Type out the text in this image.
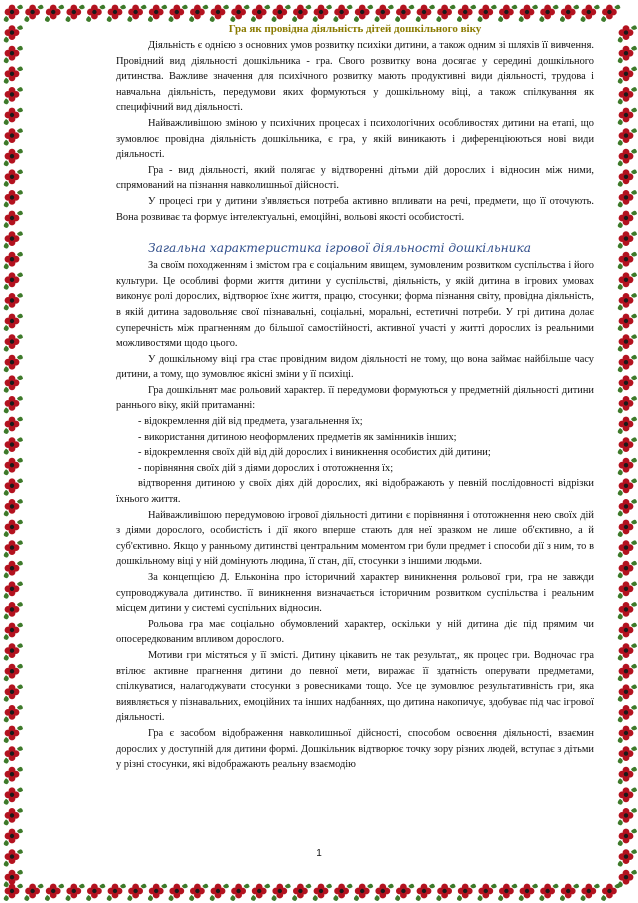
Гра як провідна діяльність дітей дошкільного віку

Діяльність є однією з основних умов розвитку психіки дитини, а також одним зі шляхів її вивчення. Провідний вид діяльності дошкільника - гра. Свого розвитку вона досягає у середині дошкільного дитинства. Важливе значення для психічного розвитку мають продуктивні види діяльності, трудова і навчальна діяльність, передумови яких формуються у дошкільному віці, а також спілкування як специфічний вид діяльності.

Найважливішою зміною у психічних процесах і психологічних особливостях дитини на етапі, що зумовлює провідна діяльність дошкільника, є гра, у якій виникають і диференціюються нові види діяльності.

Гра - вид діяльності, який полягає у відтворенні дітьми дій дорослих і відносин між ними, спрямований на пізнання навколишньої дійсності.

У процесі гри у дитини з'являється потреба активно впливати на речі, предмети, що її оточують. Вона розвиває та формує інтелектуальні, емоційні, вольові якості особистості.

Загальна характеристика ігрової діяльності дошкільника

За своїм походженням і змістом гра є соціальним явищем, зумовленим розвитком суспільства і його культури. Це особливі форми життя дитини у суспільстві, діяльність, у якій дитина в ігрових умовах виконує ролі дорослих, відтворює їхнє життя, працю, стосунки; форма пізнання світу, провідна діяльність, в якій дитина задовольняє свої пізнавальні, соціальні, моральні, естетичні потреби. У грі дитина долає суперечність між прагненням до більшої самостійності, активної участі у житті дорослих із реальними можливостями щодо цього.

У дошкільному віці гра стає провідним видом діяльності не тому, що вона займає найбільше часу дитини, а тому, що зумовлює якісні зміни у її психіці.

Гра дошкільнят має рольовий характер. її передумови формуються у предметній діяльності дитини раннього віку, якій притаманні:

- відокремлення дій від предмета, узагальнення їх;
- використання дитиною неоформлених предметів як замінників інших;
- відокремлення своїх дій від дій дорослих і виникнення особистих дій дитини;
- порівняння своїх дій з діями дорослих і ототожнення їх;

відтворення дитиною у своїх діях дій дорослих, які відображають у певній послідовності відрізки їхнього життя.

Найважливішою передумовою ігрової діяльності дитини є порівняння і ототожнення нею своїх дій з діями дорослого, особистість і дії якого вперше стають для неї зразком не лише об'єктивно, а й суб'єктивно. Якщо у ранньому дитинстві центральним моментом гри були предмет і способи дії з ним, то в дошкільному віці у ній домінують людина, її стан, дії, стосунки з іншими людьми.

За концепцією Д. Ельконіна про історичний характер виникнення рольової гри, гра не завжди супроводжувала дитинство. її виникнення визначається історичним розвитком суспільства і реальним місцем дитини у системі суспільних відносин.

Рольова гра має соціально обумовлений характер, оскільки у ній дитина діє під прямим чи опосередкованим впливом дорослого.

Мотиви гри містяться у її змісті. Дитину цікавить не так результат,, як процес гри. Водночас гра втілює активне прагнення дитини до певної мети, виражає її здатність оперувати предметами, спілкуватися, налагоджувати стосунки з ровесниками тощо. Усе це зумовлює результативність гри, яка виявляється у пізнавальних, емоційних та інших надбаннях, що дитина накопичує, здобуває під час ігрової діяльності.

Гра є засобом відображення навколишньої дійсності, способом освоєння діяльності, взаємин дорослих у доступній для дитини формі. Дошкільник відтворює точку зору різних людей, вступає з дітьми у різні стосунки, які відображають реальну взаємодію

1
